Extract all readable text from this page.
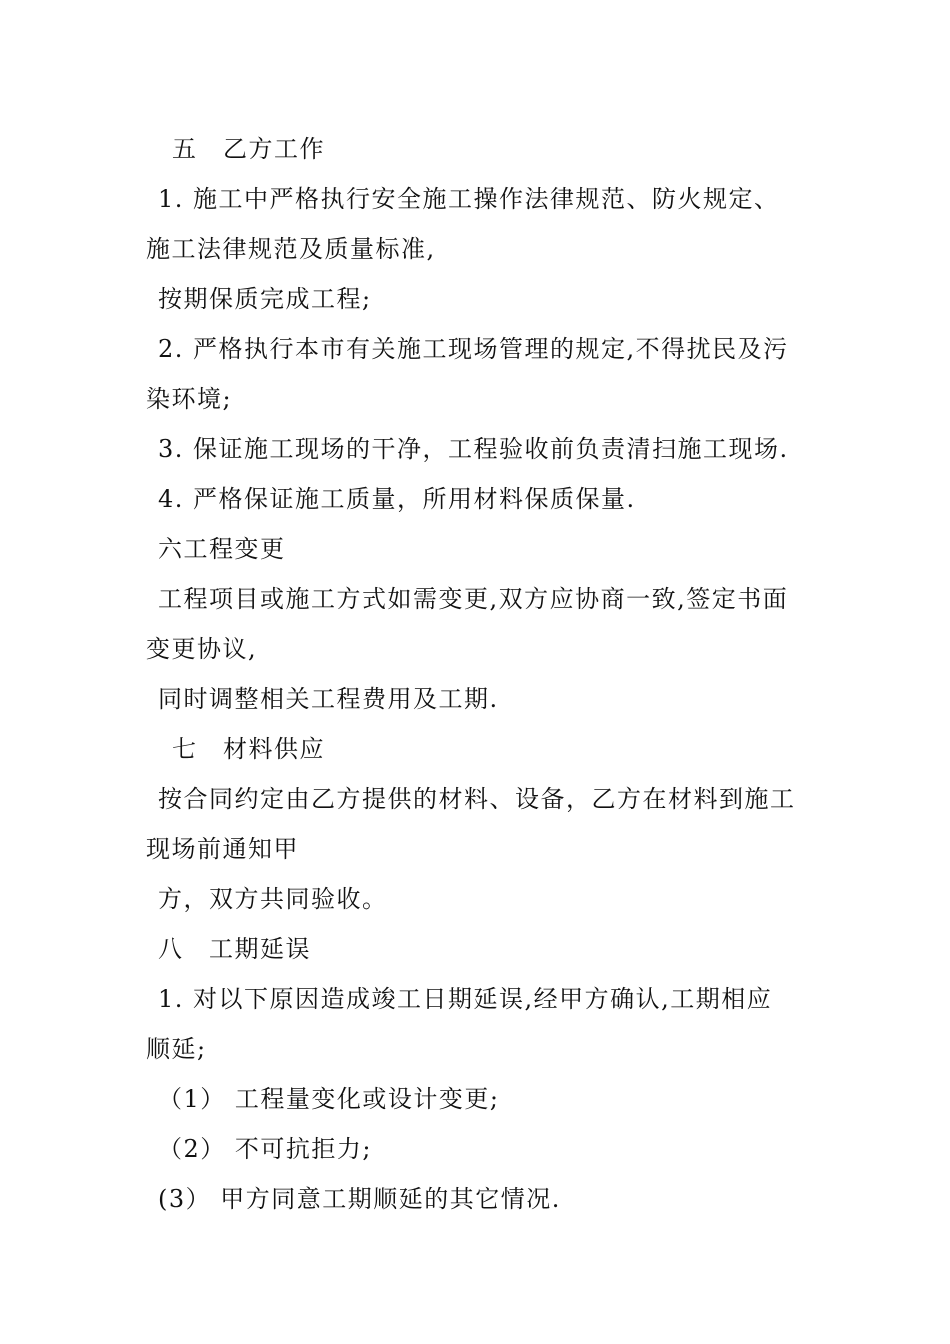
五　乙方工作
1. 施工中严格执行安全施工操作法律规范、防火规定、
施工法律规范及质量标准,
按期保质完成工程;
2. 严格执行本市有关施工现场管理的规定,不得扰民及污
染环境;
3. 保证施工现场的干净，工程验收前负责清扫施工现场.
4. 严格保证施工质量，所用材料保质保量.
六工程变更
工程项目或施工方式如需变更,双方应协商一致,签定书面
变更协议,
同时调整相关工程费用及工期.
七　材料供应
按合同约定由乙方提供的材料、设备，乙方在材料到施工
现场前通知甲
方，双方共同验收。
八　工期延误
1. 对以下原因造成竣工日期延误,经甲方确认,工期相应
顺延;
（1） 工程量变化或设计变更;
（2） 不可抗拒力;
(3） 甲方同意工期顺延的其它情况.
